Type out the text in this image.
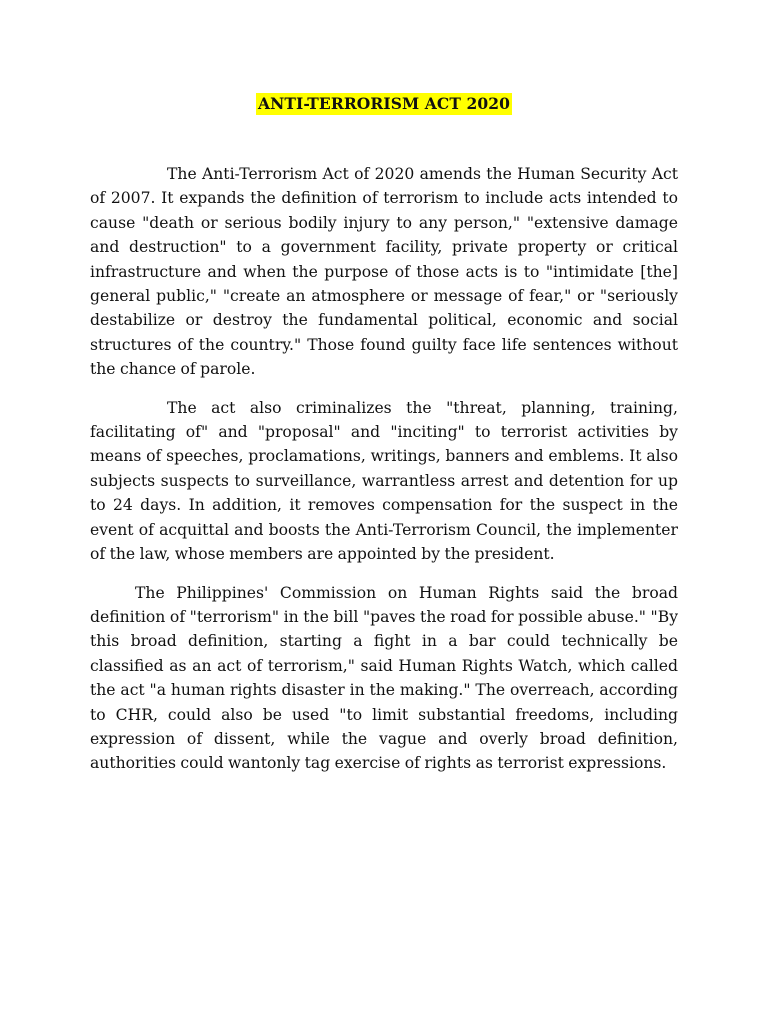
ANTI-TERRORISM ACT 2020

The Anti-Terrorism Act of 2020 amends the Human Security Act of 2007. It expands the definition of terrorism to include acts intended to cause "death or serious bodily injury to any person," "extensive damage and destruction" to a government facility, private property or critical infrastructure and when the purpose of those acts is to "intimidate [the] general public," "create an atmosphere or message of fear," or "seriously destabilize or destroy the fundamental political, economic and social structures of the country." Those found guilty face life sentences without the chance of parole.

The act also criminalizes the "threat, planning, training, facilitating of" and "proposal" and "inciting" to terrorist activities by means of speeches, proclamations, writings, banners and emblems. It also subjects suspects to surveillance, warrantless arrest and detention for up to 24 days. In addition, it removes compensation for the suspect in the event of acquittal and boosts the Anti-Terrorism Council, the implementer of the law, whose members are appointed by the president.

The Philippines' Commission on Human Rights said the broad definition of "terrorism" in the bill "paves the road for possible abuse." "By this broad definition, starting a fight in a bar could technically be classified as an act of terrorism," said Human Rights Watch, which called the act "a human rights disaster in the making." The overreach, according to CHR, could also be used "to limit substantial freedoms, including expression of dissent, while the vague and overly broad definition, authorities could wantonly tag exercise of rights as terrorist expressions.
